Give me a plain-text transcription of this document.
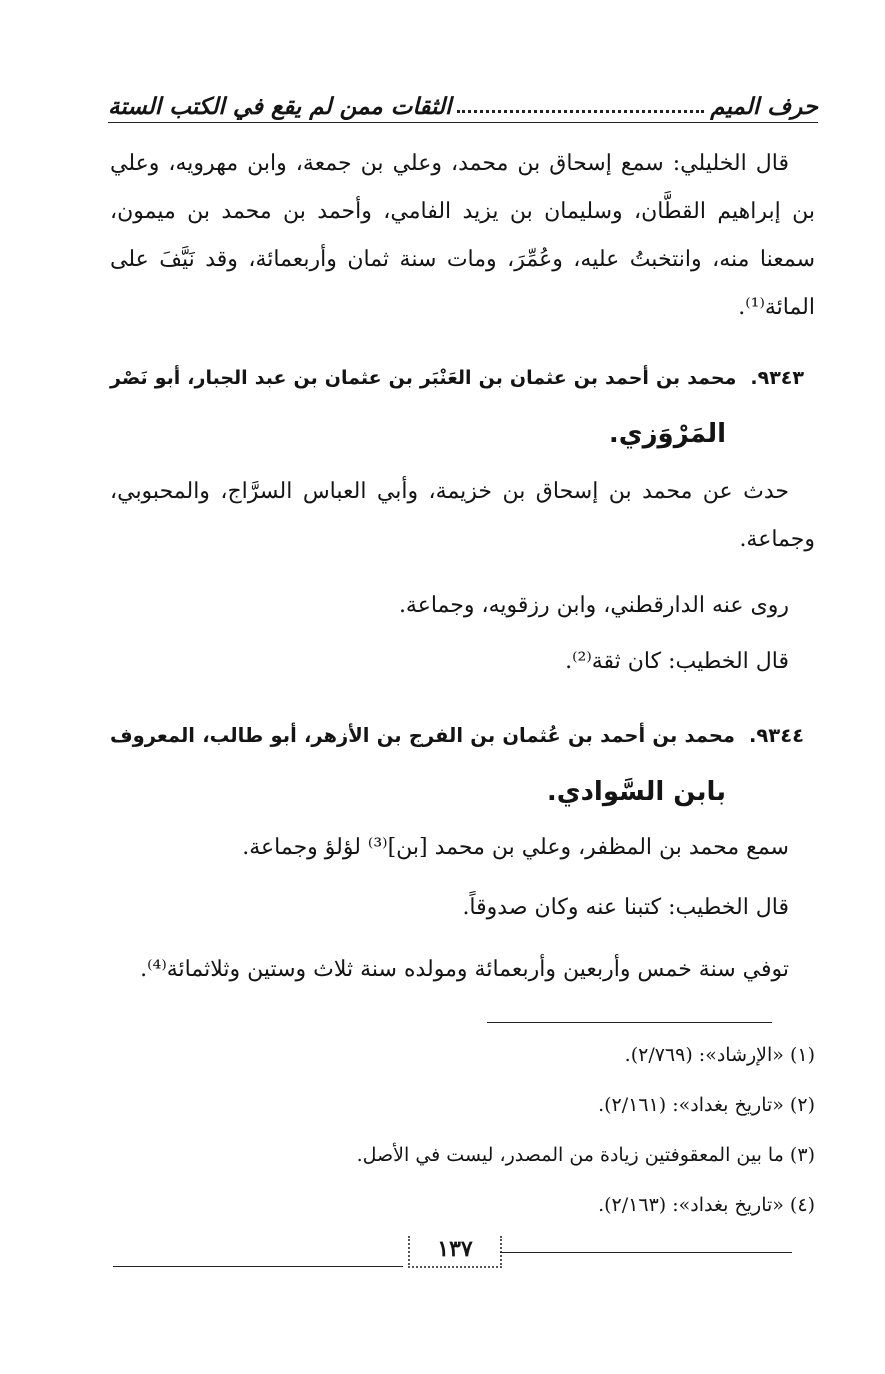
حرف الميم
الثقات ممن لم يقع في الكتب الستة
قال الخليلي: سمع إسحاق بن محمد، وعلي بن جمعة، وابن مهرويه، وعلي
بن إبراهيم القطَّان، وسليمان بن يزيد الفامي، وأحمد بن محمد بن ميمون،
سمعنا منه، وانتخبتُ عليه، وعُمِّرَ، ومات سنة ثمان وأربعمائة، وقد نَيَّفَ على
المائة⁽¹⁾.
٩٣٤٣.محمد بن أحمد بن عثمان بن العَنْبَر بن عثمان بن عبد الجبار، أبو نَصْر
المَرْوَزي.
حدث عن محمد بن إسحاق بن خزيمة، وأبي العباس السرَّاج، والمحبوبي،
وجماعة.
روى عنه الدارقطني، وابن رزقويه، وجماعة.
قال الخطيب: كان ثقة⁽²⁾.
٩٣٤٤.محمد بن أحمد بن عُثمان بن الفرج بن الأزهر، أبو طالب، المعروف
بابن السَّوادي.
سمع محمد بن المظفر، وعلي بن محمد [بن]⁽³⁾ لؤلؤ وجماعة.
قال الخطيب: كتبنا عنه وكان صدوقاً.
توفي سنة خمس وأربعين وأربعمائة ومولده سنة ثلاث وستين وثلاثمائة⁽⁴⁾.
(١) «الإرشاد»: (٢/٧٦٩).
(٢) «تاريخ بغداد»: (٢/١٦١).
(٣) ما بين المعقوفتين زيادة من المصدر، ليست في الأصل.
(٤) «تاريخ بغداد»: (٢/١٦٣).
١٣٧
